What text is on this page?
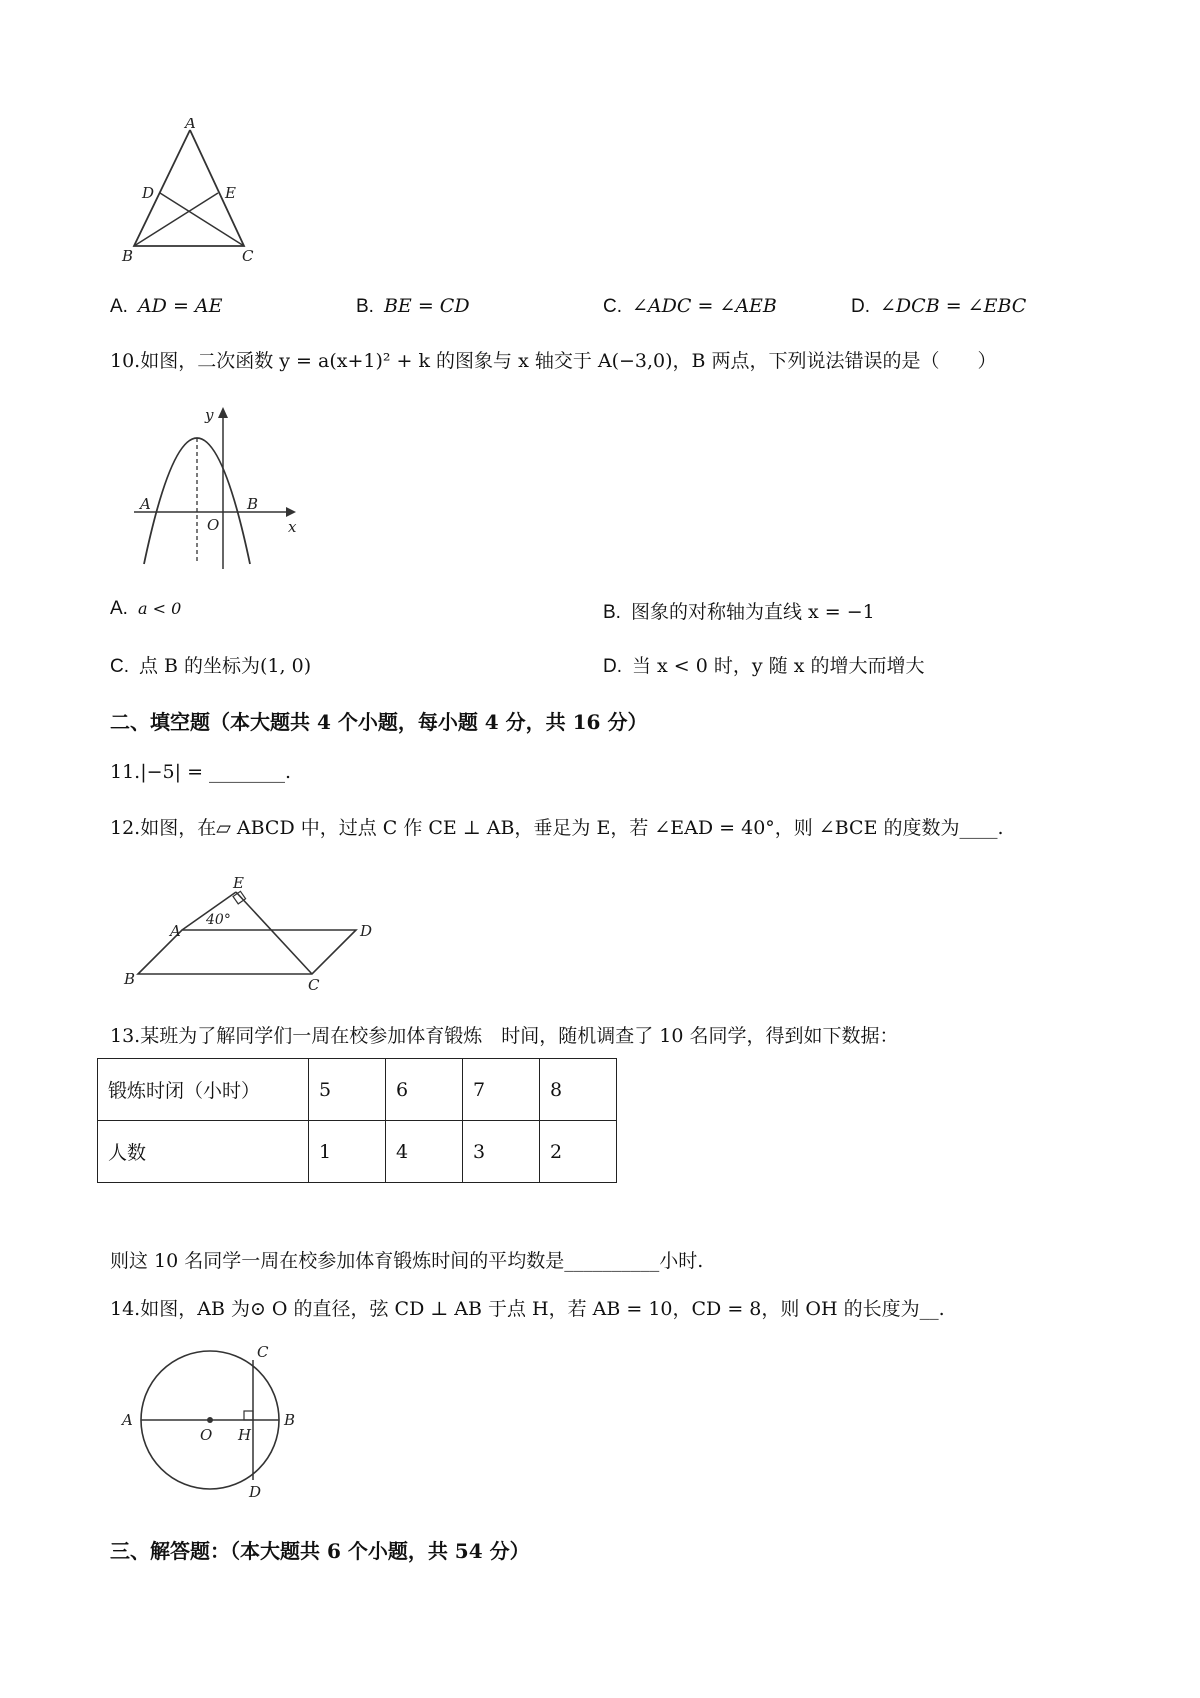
A
D	E
B	C
A. AD = AE	B. BE = CD	C. ∠ADC = ∠AEB	D. ∠DCB = ∠EBC
10.如图，二次函数 y = a(x+1)² + k 的图象与 x 轴交于 A(−3,0)，B 两点，下列说法错误的是（　　）
y
A	B
O	x
A. a < 0	B. 图象的对称轴为直线 x = −1
C. 点 B 的坐标为(1, 0)	D. 当 x < 0 时，y 随 x 的增大而增大
二、填空题（本大题共 4 个小题，每小题 4 分，共 16 分）
11.|−5| = ________.
12.如图，在▱ ABCD 中，过点 C 作 CE ⊥ AB，垂足为 E，若 ∠EAD = 40°，则 ∠BCE 的度数为____.
E
A
40°
D
B	C
13.某班为了解同学们一周在校参加体育锻炼　时间，随机调查了 10 名同学，得到如下数据：
锻炼时闭（小时）	5	6	7	8
人数	1	4	3	2
则这 10 名同学一周在校参加体育锻炼时间的平均数是__________小时.
14.如图，AB 为⊙ O 的直径，弦 CD ⊥ AB 于点 H，若 AB = 10，CD = 8，则 OH 的长度为__.
C
A
O H
B
D
三、解答题：（本大题共 6 个小题，共 54 分）
